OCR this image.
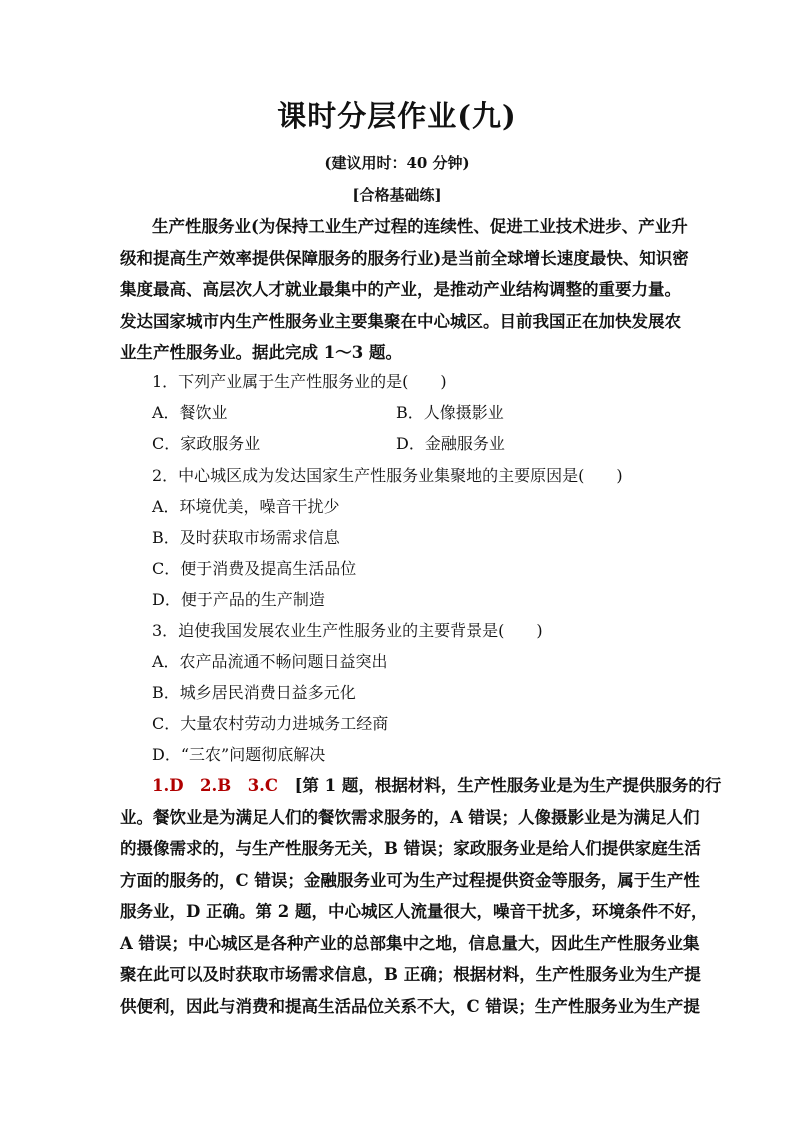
课时分层作业(九)
(建议用时：40 分钟)
[合格基础练]
生产性服务业(为保持工业生产过程的连续性、促进工业技术进步、产业升
级和提高生产效率提供保障服务的服务行业)是当前全球增长速度最快、知识密
集度最高、高层次人才就业最集中的产业，是推动产业结构调整的重要力量。
发达国家城市内生产性服务业主要集聚在中心城区。目前我国正在加快发展农
业生产性服务业。据此完成 1～3 题。
1．下列产业属于生产性服务业的是(　　)
A．餐饮业	B．人像摄影业
C．家政服务业	D．金融服务业
2．中心城区成为发达国家生产性服务业集聚地的主要原因是(　　)
A．环境优美，噪音干扰少
B．及时获取市场需求信息
C．便于消费及提高生活品位
D．便于产品的生产制造
3．迫使我国发展农业生产性服务业的主要背景是(　　)
A．农产品流通不畅问题日益突出
B．城乡居民消费日益多元化
C．大量农村劳动力进城务工经商
D．“三农”问题彻底解决
1.D　2.B　3.C　 [第 1 题，根据材料，生产性服务业是为生产提供服务的行
业。餐饮业是为满足人们的餐饮需求服务的，A 错误；人像摄影业是为满足人们
的摄像需求的，与生产性服务无关，B 错误；家政服务业是给人们提供家庭生活
方面的服务的，C 错误；金融服务业可为生产过程提供资金等服务，属于生产性
服务业，D 正确。第 2 题，中心城区人流量很大，噪音干扰多，环境条件不好，
A 错误；中心城区是各种产业的总部集中之地，信息量大，因此生产性服务业集
聚在此可以及时获取市场需求信息，B 正确；根据材料，生产性服务业为生产提
供便利，因此与消费和提高生活品位关系不大，C 错误；生产性服务业为生产提
